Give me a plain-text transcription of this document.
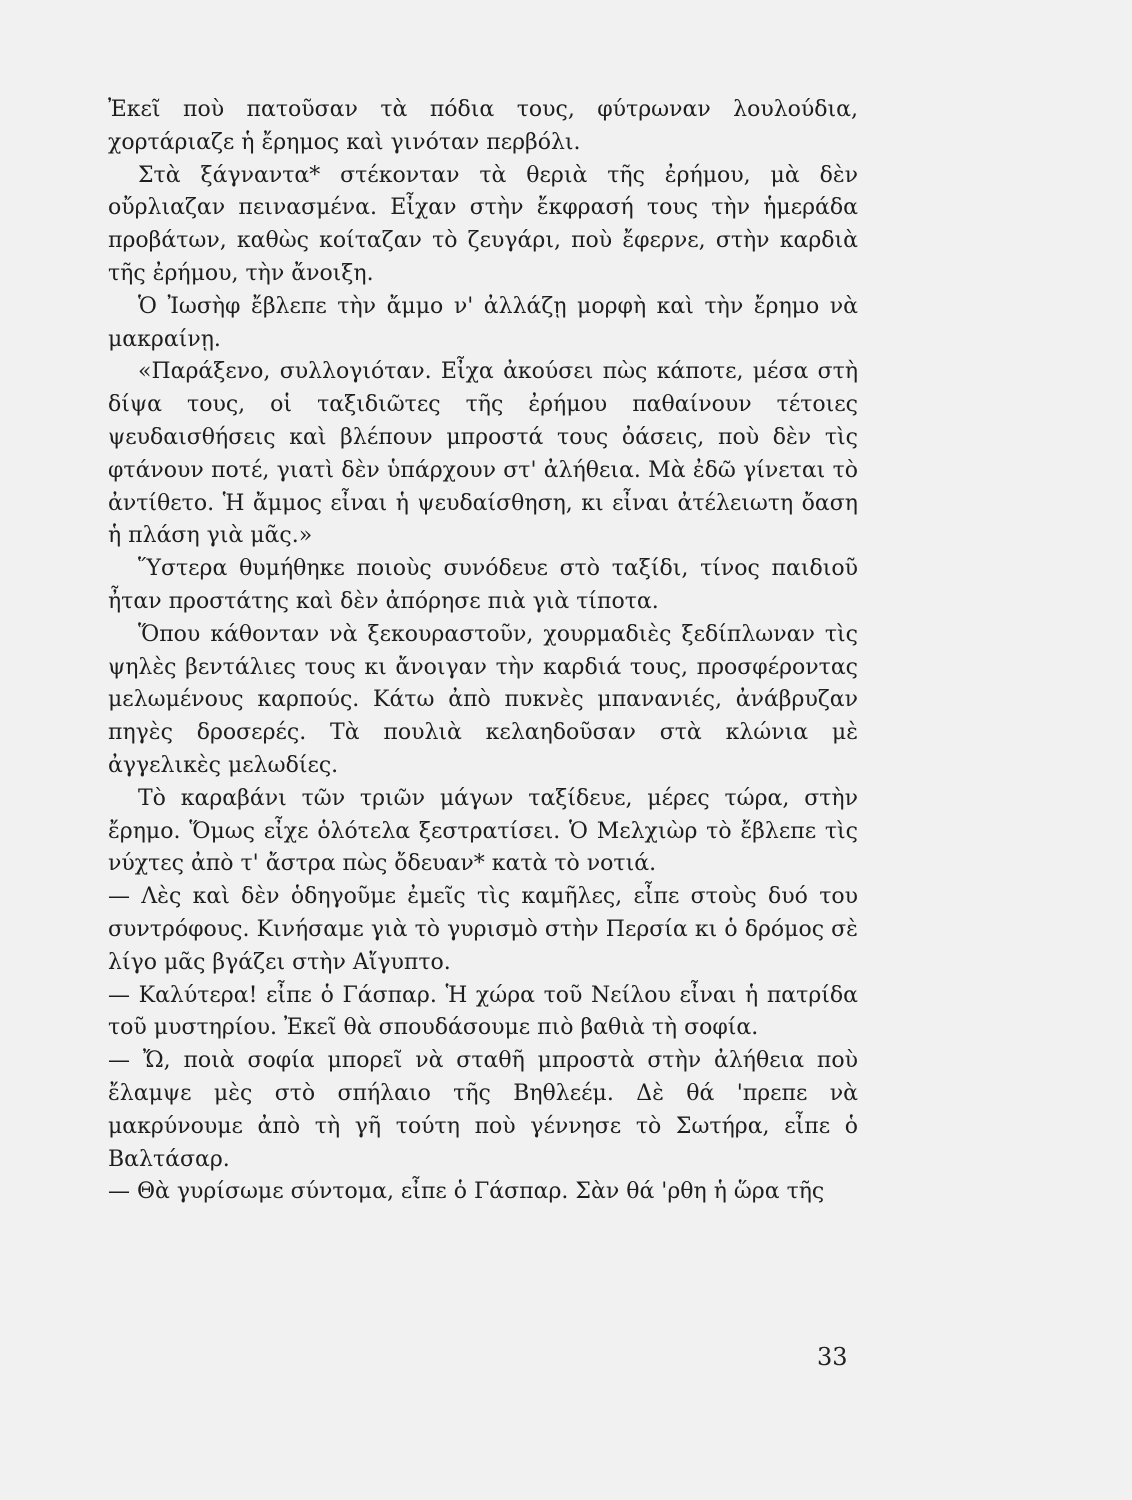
Ἐκεῖ ποὺ πατοῦσαν τὰ πόδια τους, φύτρωναν λουλούδια, χορτάριαζε ἡ ἔρημος καὶ γινόταν περβόλι.

Στὰ ξάγναντα* στέκονταν τὰ θεριὰ τῆς ἐρήμου, μὰ δὲν οὔρλιαζαν πεινασμένα. Εἶχαν στὴν ἔκφρασή τους τὴν ἡμεράδα προβάτων, καθὼς κοίταζαν τὸ ζευγάρι, ποὺ ἔφερνε, στὴν καρδιὰ τῆς ἐρήμου, τὴν ἄνοιξη.

Ὁ Ἰωσὴφ ἔβλεπε τὴν ἄμμο ν' ἀλλάζῃ μορφὴ καὶ τὴν ἔρημο νὰ μακραίνῃ.

«Παράξενο, συλλογιόταν. Εἶχα ἀκούσει πὼς κάποτε, μέσα στὴ δίψα τους, οἱ ταξιδιῶτες τῆς ἐρήμου παθαίνουν τέτοιες ψευδαισθήσεις καὶ βλέπουν μπροστά τους ὀάσεις, ποὺ δὲν τὶς φτάνουν ποτέ, γιατὶ δὲν ὑπάρχουν στ' ἀλήθεια. Μὰ ἐδῶ γίνεται τὸ ἀντίθετο. Ἡ ἄμμος εἶναι ἡ ψευδαίσθηση, κι εἶναι ἀτέλειωτη ὄαση ἡ πλάση γιὰ μᾶς.»

Ὕστερα θυμήθηκε ποιοὺς συνόδευε στὸ ταξίδι, τίνος παιδιοῦ ἦταν προστάτης καὶ δὲν ἀπόρησε πιὰ γιὰ τίποτα.

Ὅπου κάθονταν νὰ ξεκουραστοῦν, χουρμαδιὲς ξεδίπλωναν τὶς ψηλὲς βεντάλιες τους κι ἄνοιγαν τὴν καρδιά τους, προσφέροντας μελωμένους καρπούς. Κάτω ἀπὸ πυκνὲς μπανανιές, ἀνάβρυζαν πηγὲς δροσερές. Τὰ πουλιὰ κελαηδοῦσαν στὰ κλώνια μὲ ἀγγελικὲς μελωδίες.

Τὸ καραβάνι τῶν τριῶν μάγων ταξίδευε, μέρες τώρα, στὴν ἔρημο. Ὅμως εἶχε ὁλότελα ξεστρατίσει. Ὁ Μελχιὼρ τὸ ἔβλεπε τὶς νύχτες ἀπὸ τ' ἄστρα πὼς ὄδευαν* κατὰ τὸ νοτιά.

— Λὲς καὶ δὲν ὁδηγοῦμε ἐμεῖς τὶς καμῆλες, εἶπε στοὺς δυό του συντρόφους. Κινήσαμε γιὰ τὸ γυρισμὸ στὴν Περσία κι ὁ δρόμος σὲ λίγο μᾶς βγάζει στὴν Αἴγυπτο.

— Καλύτερα! εἶπε ὁ Γάσπαρ. Ἡ χώρα τοῦ Νείλου εἶναι ἡ πατρίδα τοῦ μυστηρίου. Ἐκεῖ θὰ σπουδάσουμε πιὸ βαθιὰ τὴ σοφία.

— Ὤ, ποιὰ σοφία μπορεῖ νὰ σταθῆ μπροστὰ στὴν ἀλήθεια ποὺ ἔλαμψε μὲς στὸ σπήλαιο τῆς Βηθλεέμ. Δὲ θά 'πρεπε νὰ μακρύνουμε ἀπὸ τὴ γῆ τούτη ποὺ γέννησε τὸ Σωτήρα, εἶπε ὁ Βαλτάσαρ.

— Θὰ γυρίσωμε σύντομα, εἶπε ὁ Γάσπαρ. Σὰν θά 'ρθη ἡ ὥρα τῆς

33
